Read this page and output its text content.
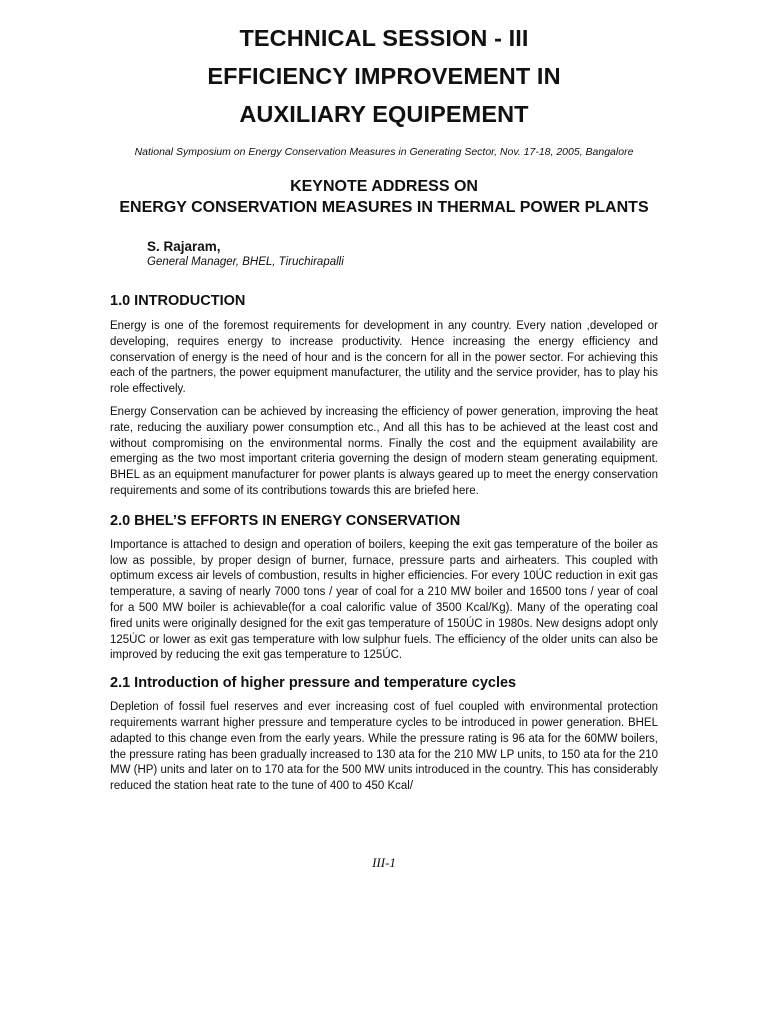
TECHNICAL SESSION - III
EFFICIENCY IMPROVEMENT IN
AUXILIARY EQUIPEMENT

National Symposium on Energy Conservation Measures in Generating Sector, Nov. 17-18, 2005, Bangalore

KEYNOTE ADDRESS ON
ENERGY CONSERVATION MEASURES IN THERMAL POWER PLANTS
S. Rajaram,
General Manager, BHEL, Tiruchirapalli
1.0 INTRODUCTION

Energy is one of the foremost requirements for development in any country. Every nation ,developed or developing, requires energy to increase productivity. Hence increasing the energy efficiency and conservation of energy is the need of hour and is the concern for all in the power sector. For achieving this each of the partners, the power equipment manufacturer, the utility and the service provider, has to play his role effectively.

Energy Conservation can be achieved by increasing the efficiency of power generation, improving the heat rate, reducing the auxiliary power consumption etc., And all this has to be achieved at the least cost and without compromising on the environmental norms. Finally the cost and the equipment availability are emerging as the two most important criteria governing the design of modern steam generating equipment. BHEL as an equipment manufacturer for power plants is always geared up to meet the energy conservation requirements and some of its contributions towards this are briefed here.

2.0 BHEL’S EFFORTS IN ENERGY CONSERVATION

Importance is attached to design and operation of boilers, keeping the exit gas temperature of the boiler as low as possible, by proper design of burner, furnace, pressure parts and airheaters. This coupled with optimum excess air levels of combustion, results in higher efficiencies. For every 10ÚC reduction in exit gas temperature, a saving of nearly 7000 tons / year of coal for a 210 MW boiler and 16500 tons / year of coal for a 500 MW boiler is achievable(for a coal calorific value of 3500 Kcal/Kg). Many of the operating coal fired units were originally designed for the exit gas temperature of 150ÚC in 1980s. New designs adopt only 125ÚC or lower as exit gas temperature with low sulphur fuels. The efficiency of the older units can also be improved by reducing the exit gas temperature to 125ÚC.

2.1 Introduction of higher pressure and temperature cycles

Depletion of fossil fuel reserves and ever increasing cost of fuel coupled with environmental protection requirements warrant higher pressure and temperature cycles to be introduced in power generation. BHEL adapted to this change even from the early years. While the pressure rating is 96 ata for the 60MW boilers, the pressure rating has been gradually increased to 130 ata for the 210 MW LP units, to 150 ata for the 210 MW (HP) units and later on to 170 ata for the 500 MW units introduced in the country. This has considerably reduced the station heat rate to the tune of 400 to 450 Kcal/

III-1
